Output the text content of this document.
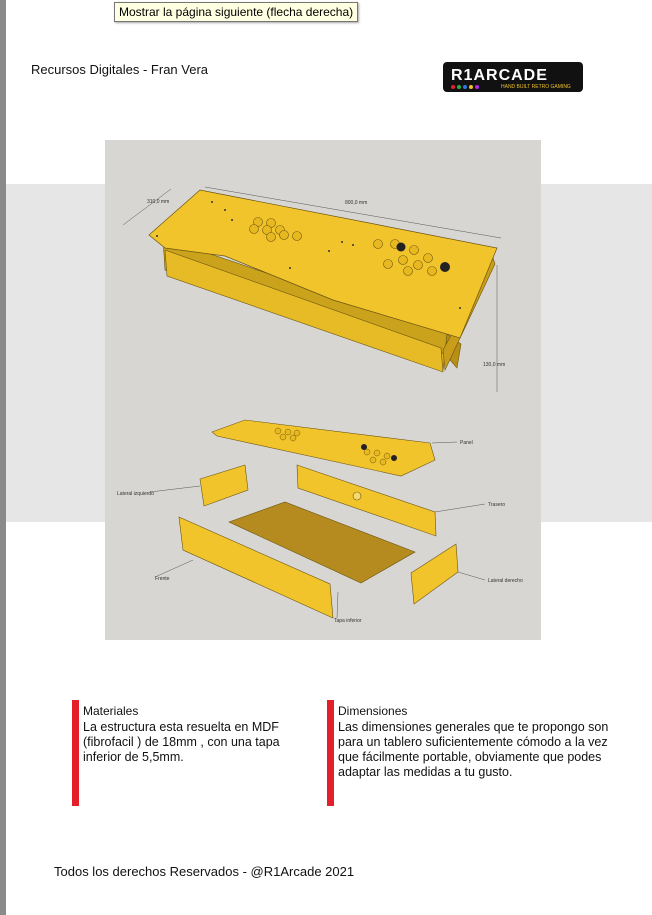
Recursos Digitales - Fran Vera	R1ARCADE
HAND BUILT RETRO GAMING
310,0 mm	800,0 mm
130,0 mm
Panel
Lateral izquierdo
Trasero
Frente	Lateral derecho
Tapa inferior
Materiales
La estructura esta resuelta en MDF (fibrofacil ) de 18mm , con una tapa inferior de 5,5mm.
Dimensiones
Las dimensiones generales que te propongo son para un tablero suficientemente cómodo a la vez que fácilmente portable, obviamente que podes adaptar las medidas a tu gusto.
Todos los derechos Reservados - @R1Arcade 2021
Mostrar la página siguiente (flecha derecha)
